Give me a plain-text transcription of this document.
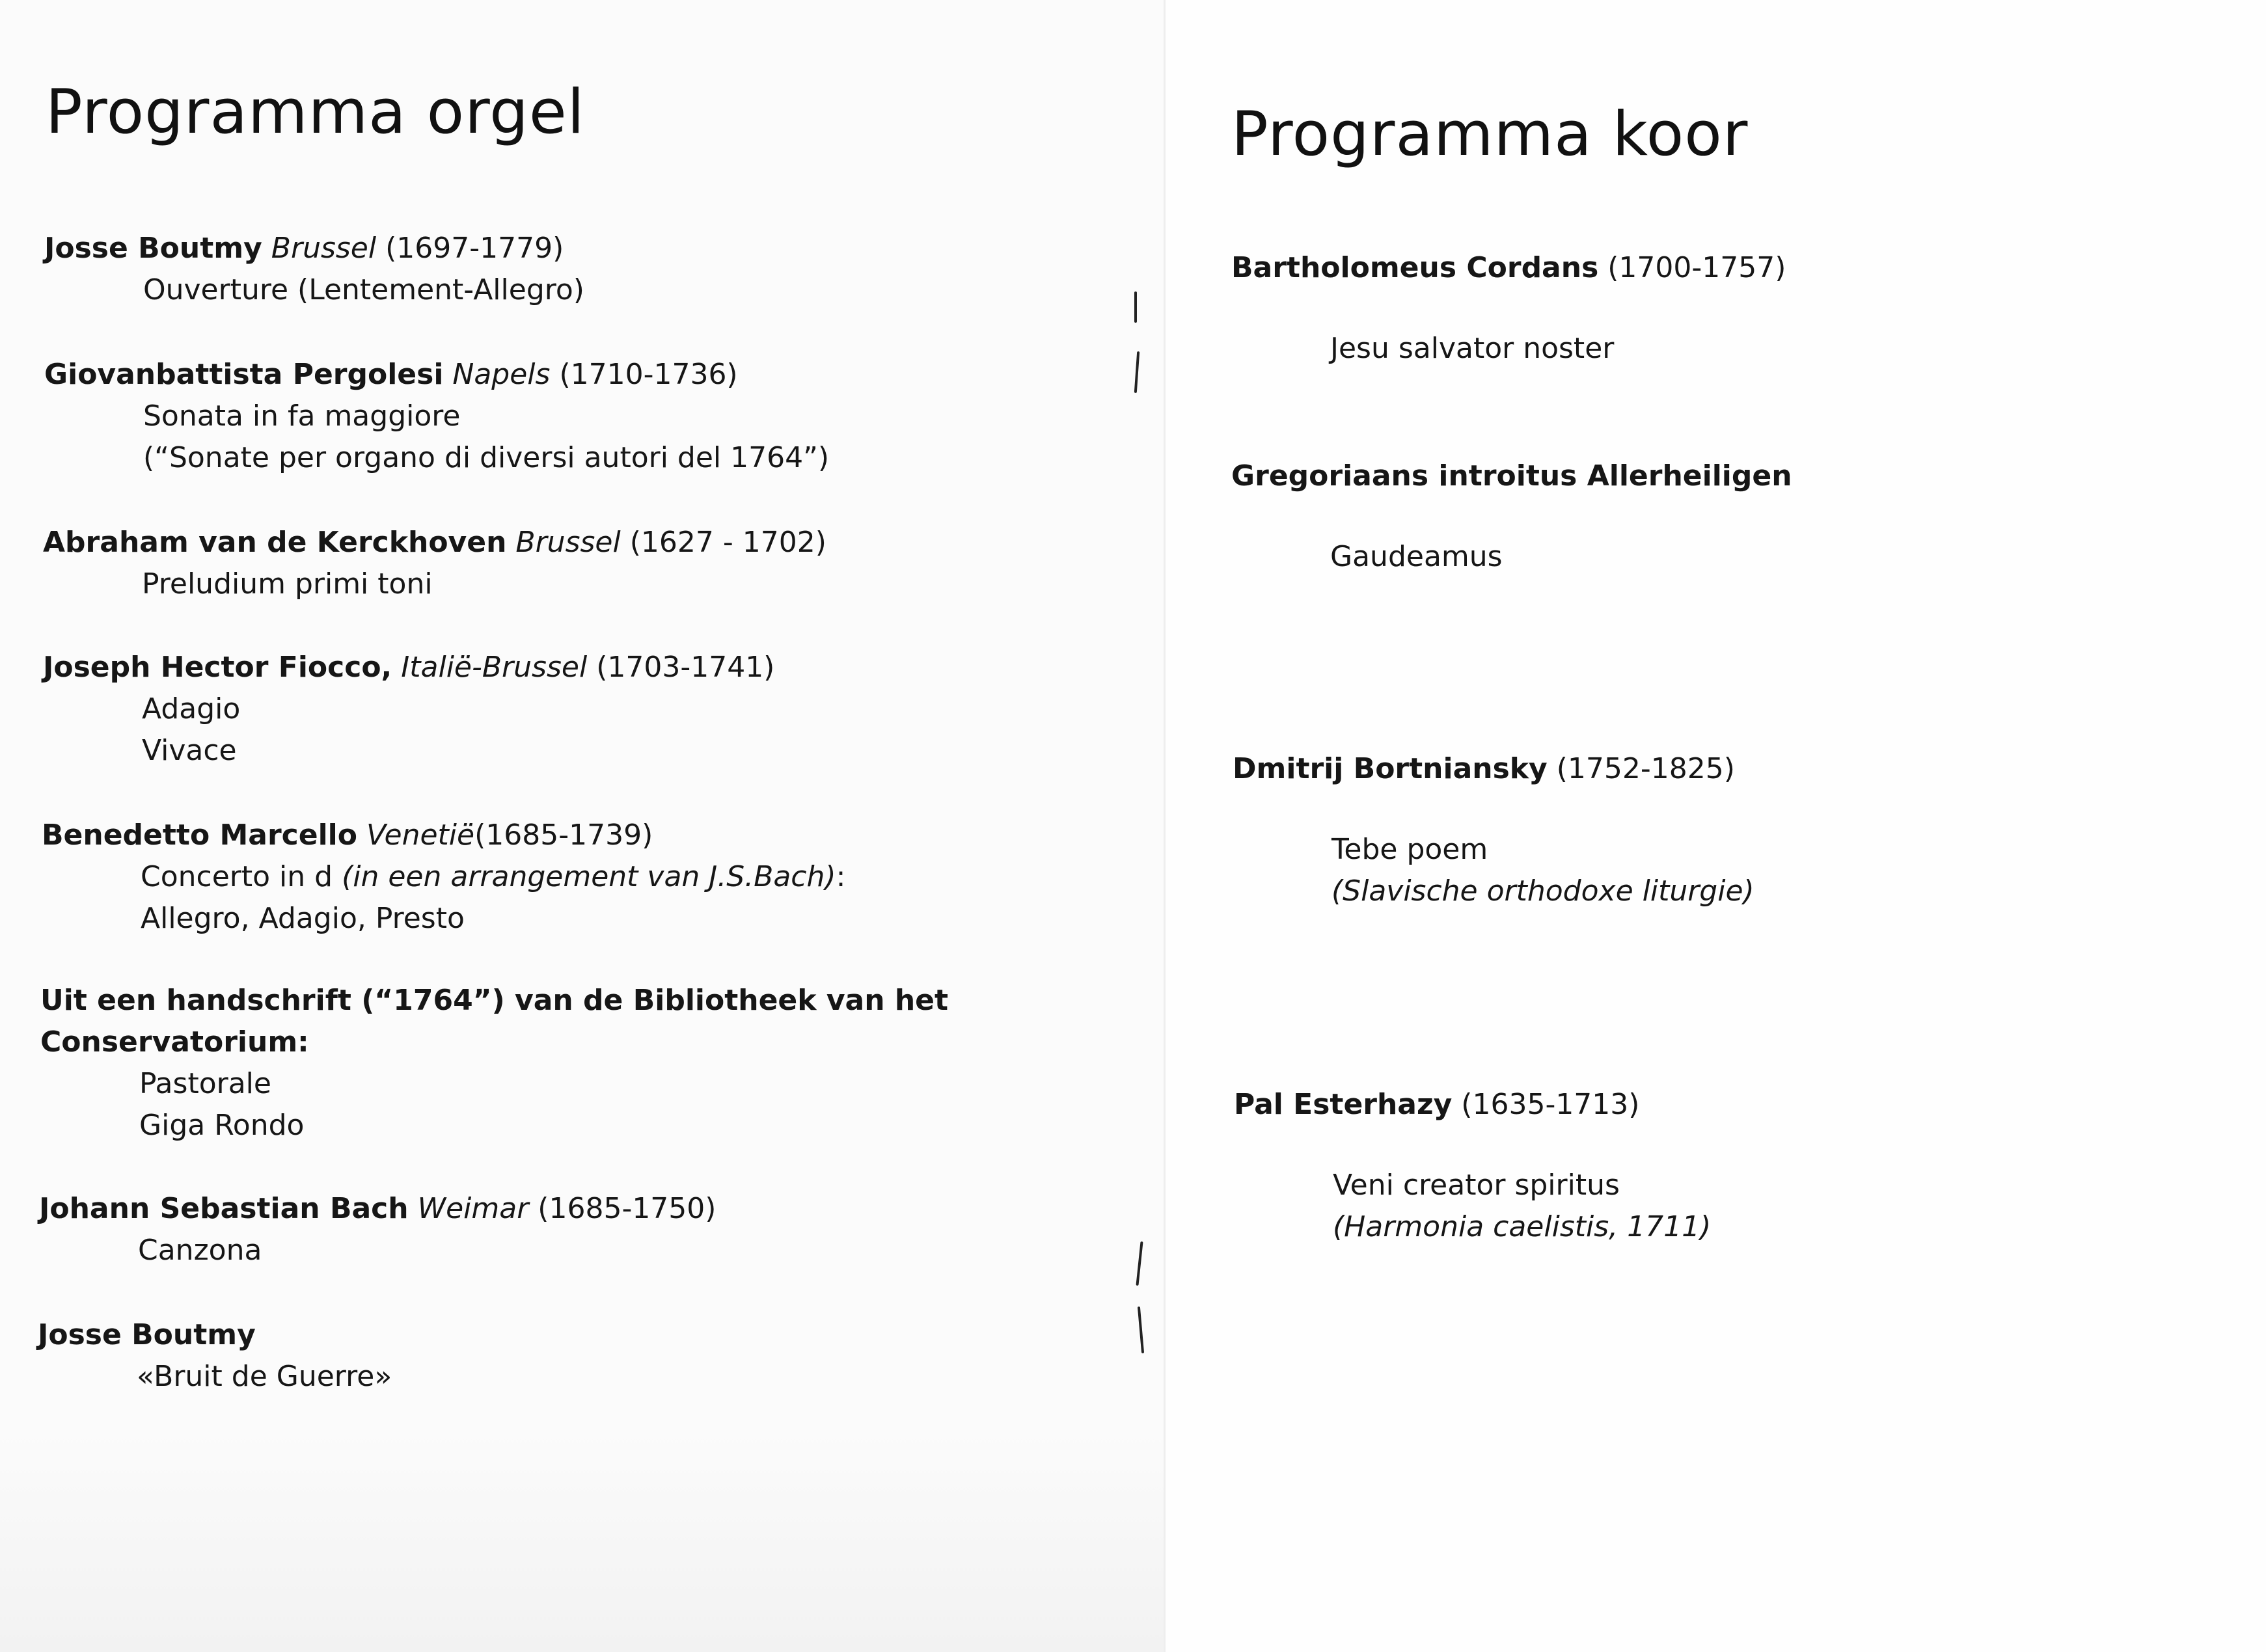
Programma orgel
Josse Boutmy Brussel (1697-1779)
Ouverture (Lentement-Allegro)
Giovanbattista Pergolesi Napels (1710-1736)
Sonata in fa maggiore
(“Sonate per organo di diversi autori del 1764”)
Abraham van de Kerckhoven Brussel (1627 - 1702)
Preludium primi toni
Joseph Hector Fiocco, Italië-Brussel (1703-1741)
Adagio
Vivace
Benedetto Marcello Venetië(1685-1739)
Concerto in d (in een arrangement van J.S.Bach):
Allegro, Adagio, Presto
Uit een handschrift (“1764”) van de Bibliotheek van het Conservatorium:
Pastorale
Giga Rondo
Johann Sebastian Bach Weimar (1685-1750)
Canzona
Josse Boutmy
«Bruit de Guerre»
Programma koor
Bartholomeus Cordans (1700-1757)
Jesu salvator noster
Gregoriaans introitus Allerheiligen
Gaudeamus
Dmitrij Bortniansky (1752-1825)
Tebe poem
(Slavische orthodoxe liturgie)
Pal Esterhazy (1635-1713)
Veni creator spiritus
(Harmonia caelistis, 1711)
